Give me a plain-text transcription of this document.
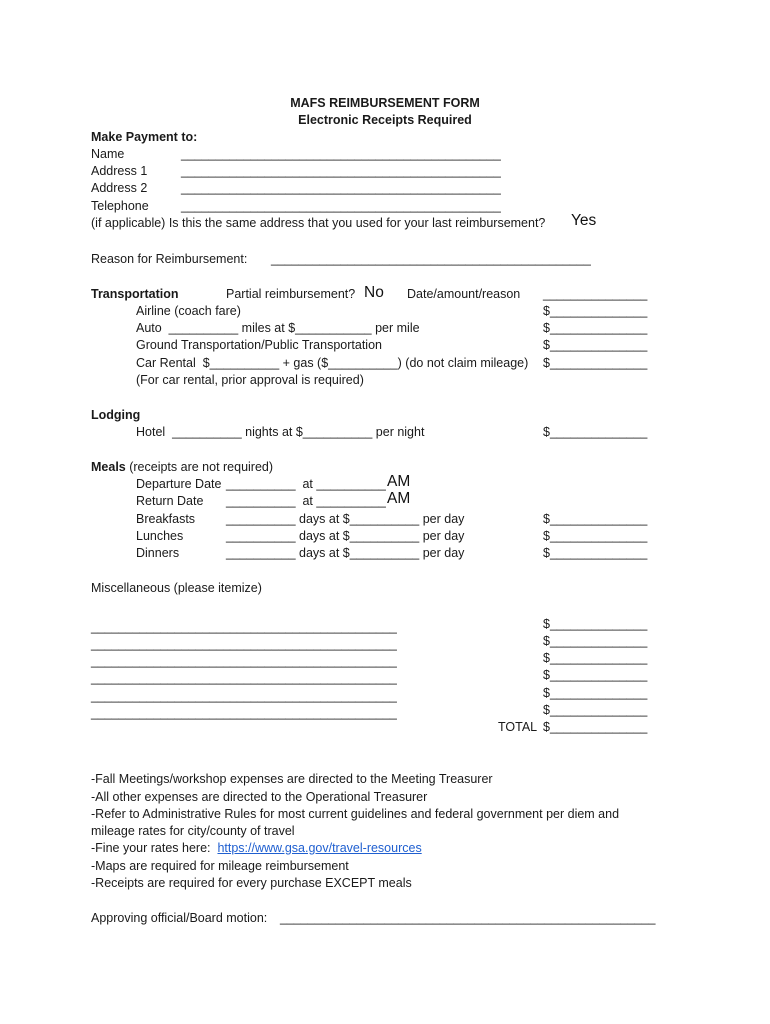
MAFS REIMBURSEMENT FORM
Electronic Receipts Required
Make Payment to:
Name	______________________________________________
Address 1	______________________________________________
Address 2	______________________________________________
Telephone	______________________________________________
(if applicable) Is this the same address that you used for your last reimbursement? Yes
Reason for Reimbursement: ______________________________________________
Transportation	Partial reimbursement? No Date/amount/reason _______________
Airline (coach fare)	$______________
Auto  __________ miles at $___________ per mile	$______________
Ground Transportation/Public Transportation	$______________
Car Rental  $__________ + gas ($__________) (do not claim mileage) $______________
(For car rental, prior approval is required)
Lodging
Hotel  __________ nights at $__________ per night	$______________
Meals (receipts are not required)
Departure Date __________  at __________ AM
Return Date __________  at __________ AM
Breakfasts __________ days at $__________ per day	$______________
Lunches	__________ days at $__________ per day	$______________
Dinners	__________ days at $__________ per day	$______________
Miscellaneous (please itemize)
____________________________________________	$______________
____________________________________________	$______________
____________________________________________	$______________
____________________________________________	$______________
____________________________________________	$______________
____________________________________________	$______________
TOTAL $______________
-Fall Meetings/workshop expenses are directed to the Meeting Treasurer
-All other expenses are directed to the Operational Treasurer
-Refer to Administrative Rules for most current guidelines and federal government per diem and
mileage rates for city/county of travel
-Fine your rates here:  https://www.gsa.gov/travel-resources
-Maps are required for mileage reimbursement
-Receipts are required for every purchase EXCEPT meals
Approving official/Board motion: ______________________________________________________
